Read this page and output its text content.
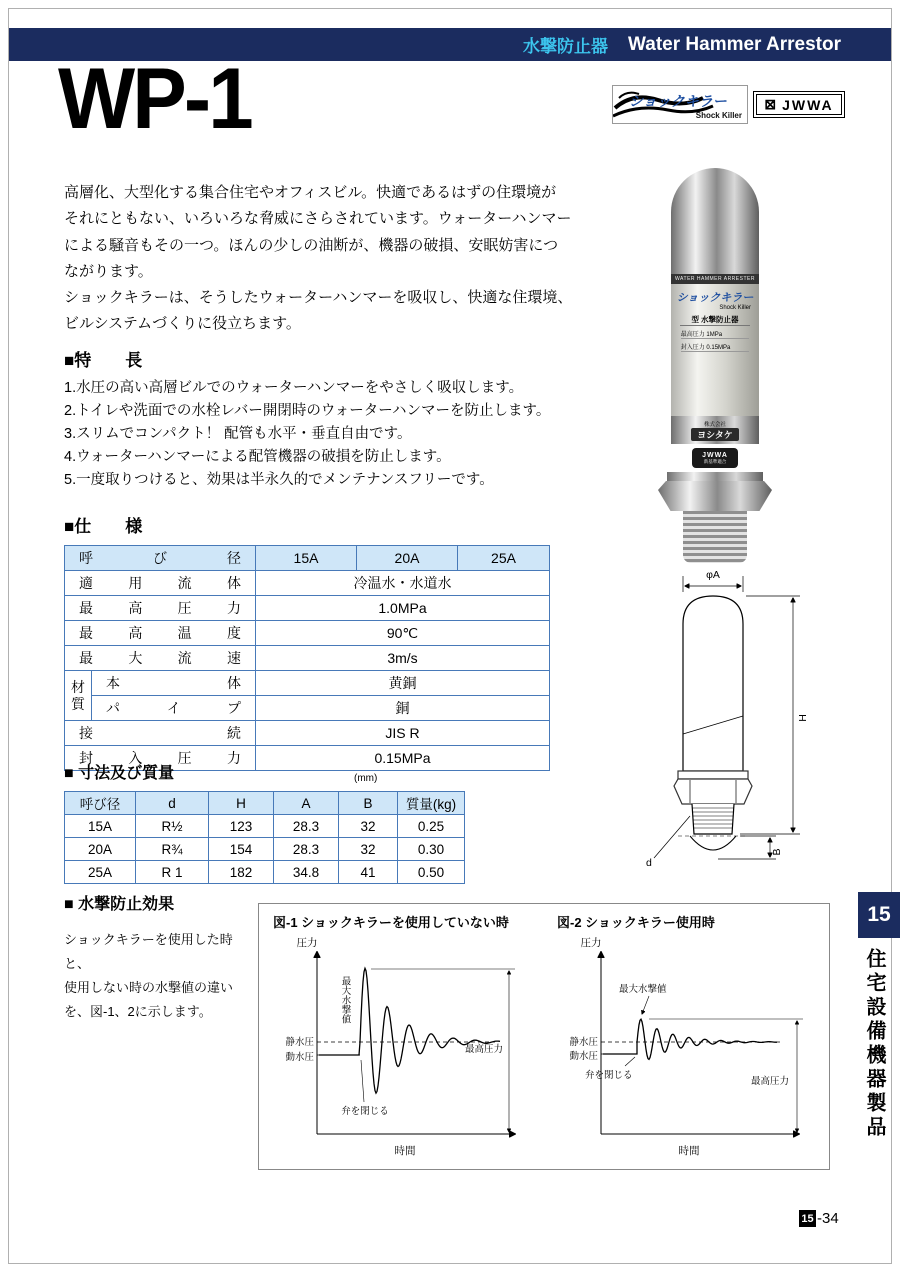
水撃防止器 Water Hammer Arrestor
WP-1	ショックキラー
Shock Killer
⊠ JWWA
高層化、大型化する集合住宅やオフィスビル。快適であるはずの住環境が
それにともない、いろいろな脅威にさらされています。ウォーターハンマー
による騒音もその一つ。ほんの少しの油断が、機器の破損、安眠妨害につ
ながります。
ショックキラーは、そうしたウォーターハンマーを吸収し、快適な住環境、
ビルシステムづくりに役立ちます。
■特　　長
1.水圧の高い高層ビルでのウォーターハンマーをやさしく吸収します。
2.トイレや洗面での水栓レバー開閉時のウォーターハンマーを防止します。
3.スリムでコンパクト！ 配管も水平・垂直自由です。
4.ウォーターハンマーによる配管機器の破損を防止します。
5.一度取りつけると、効果は半永久的でメンテナンスフリーです。
■仕　　様
呼び径		15A	20A	25A
適用流体		冷温水・水道水		
最高圧力		1.0MPa		
最高温度		90℃		
最大流速		3m/s		
材質	本体	黄銅		
	パイプ	銅		
接続		JIS R		
封入圧力		0.15MPa		
■ 寸法及び質量	(mm)
呼び径	d	H	A	B	質量(kg)
15A	R½	123	28.3	32	0.25
20A	R¾	154	28.3	32	0.30
25A	R 1	182	34.8	41	0.50
WATER HAMMER ARRESTER
ショックキラー
Shock Killer
型 水撃防止器
最高圧力 1MPa
封入圧力 0.15MPa
株式会社
ヨシタケ
JWWA
新基準適合
φA
H
d
B
■ 水撃防止効果
ショックキラーを使用した時と、
使用しない時の水撃値の違い
を、図-1、2に示します。
図-1 ショックキラーを使用していない時	図-2 ショックキラー使用時
圧力
時間
静水圧
動水圧
最大水撃値
弁を閉じる
最高圧力
圧力
時間
静水圧
動水圧
最大水撃値
弁を閉じる
最高圧力
15
住宅設備機器製品
15 -34
